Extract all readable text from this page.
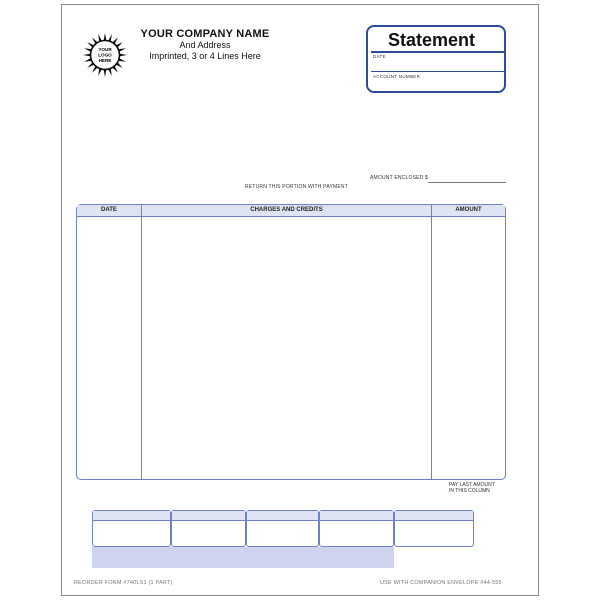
YOUR
LOGO
HERE
YOUR COMPANY NAME
And Address
Imprinted, 3 or 4 Lines Here
Statement
DATE
ACCOUNT NUMBER
AMOUNT ENCLOSED $
RETURN THIS PORTION WITH PAYMENT
DATE	CHARGES AND CREDITS	AMOUNT
PAY LAST AMOUNT
IN THIS COLUMN
REORDER FORM #740LS1 (1 PART)	USE WITH COMPANION ENVELOPE #44-555
